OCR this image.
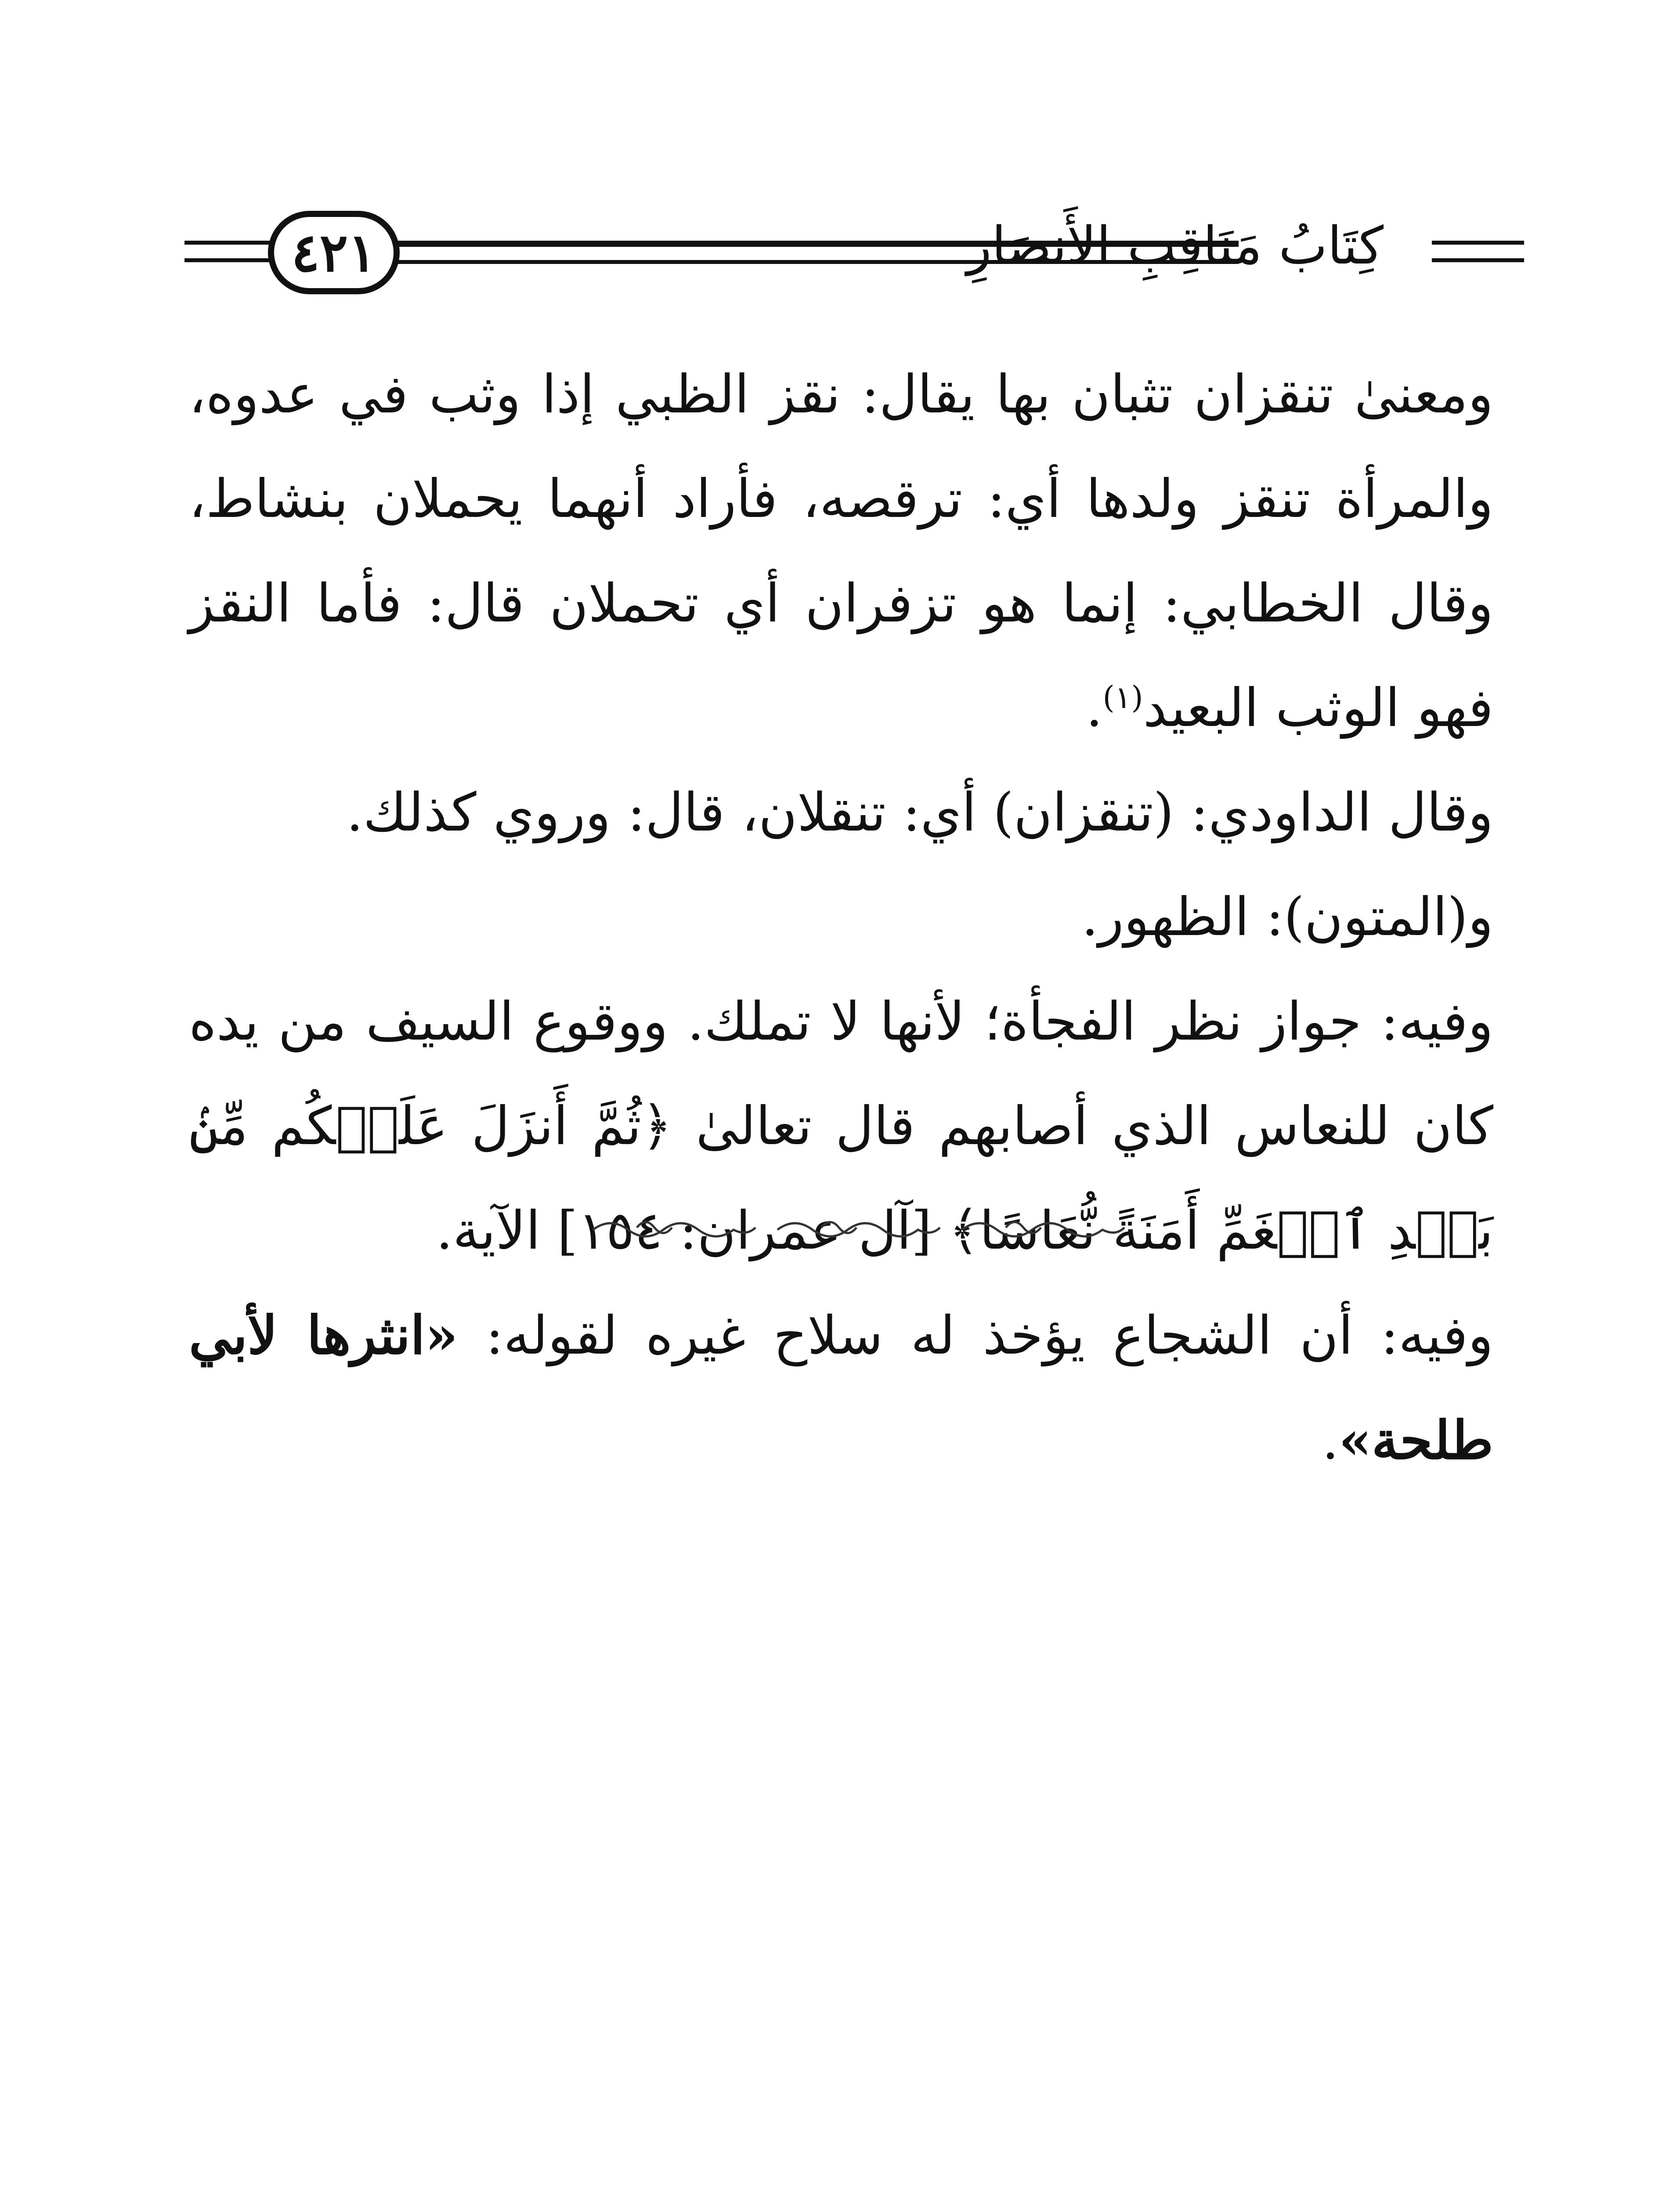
٤٢١	كِتَابُ مَنَاقِبِ الأَنصَارِ

ومعنىٰ تنقزان تثبان بها يقال: نقز الظبي إذا وثب في عدوه، والمرأة تنقز ولدها أي: ترقصه، فأراد أنهما يحملان بنشاط، وقال الخطابي: إنما هو تزفران أي تحملان قال: فأما النقز فهو الوثب البعيد$^{(١)}$.

وقال الداودي: (تنقزان) أي: تنقلان، قال: وروي كذلك.

و(المتون): الظهور.

وفيه: جواز نظر الفجأة؛ لأنها لا تملك. ووقوع السيف من يده كان للنعاس الذي أصابهم قال تعالىٰ ﴿ثُمَّ أَنزَلَ عَلَيۡكُم مِّنۢ بَعۡدِ ٱلۡغَمِّ أَمَنَةً نُّعَاسًا﴾ [آل عمران: ١٥٤] الآية.

وفيه: أن الشجاع يؤخذ له سلاح غيره لقوله: «انثرها لأبي طلحة».
